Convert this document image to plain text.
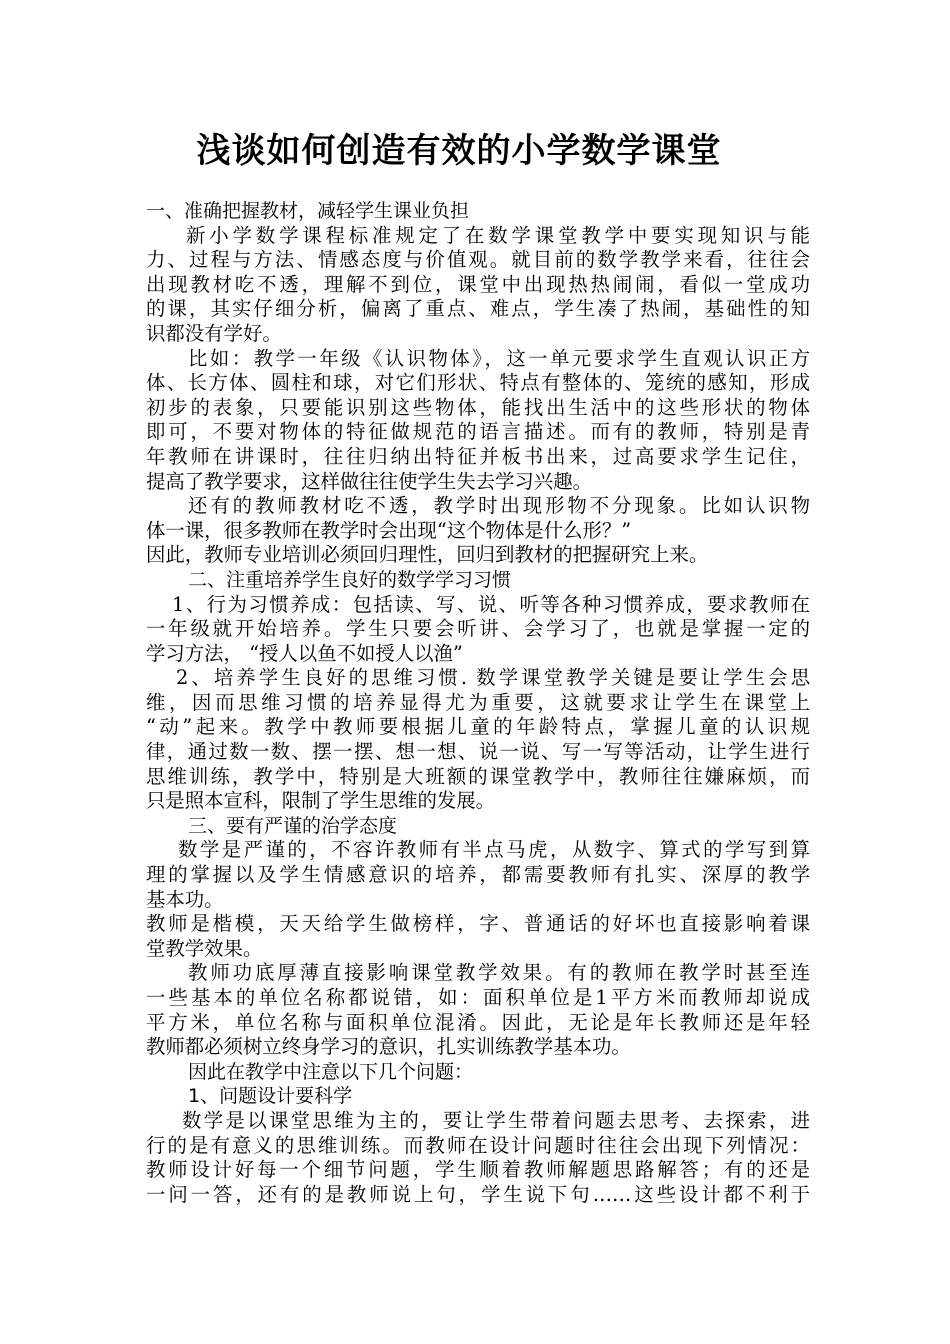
浅谈如何创造有效的小学数学课堂
一、准确把握教材，减轻学生课业负担
新小学数学课程标准规定了在数学课堂教学中要实现知识与能
力、过程与方法、情感态度与价值观。就目前的数学教学来看，往往会
出现教材吃不透，理解不到位，课堂中出现热热闹闹，看似一堂成功
的课，其实仔细分析，偏离了重点、难点，学生凑了热闹，基础性的知
识都没有学好。
比如：教学一年级《认识物体》，这一单元要求学生直观认识正方
体、长方体、圆柱和球，对它们形状、特点有整体的、笼统的感知，形成
初步的表象，只要能识别这些物体，能找出生活中的这些形状的物体
即可，不要对物体的特征做规范的语言描述。而有的教师，特别是青
年教师在讲课时，往往归纳出特征并板书出来，过高要求学生记住，
提高了教学要求，这样做往往使学生失去学习兴趣。
还有的教师教材吃不透，教学时出现形物不分现象。比如认识物
体一课，很多教师在教学时会出现“这个物体是什么形？”
因此，教师专业培训必须回归理性，回归到教材的把握研究上来。
二、注重培养学生良好的数学学习习惯
1、行为习惯养成：包括读、写、说、听等各种习惯养成，要求教师在
一年级就开始培养。学生只要会听讲、会学习了，也就是掌握一定的
学习方法， “授人以鱼不如授人以渔”
2、培养学生良好的思维习惯. 数学课堂教学关键是要让学生会思
维，因而思维习惯的培养显得尤为重要，这就要求让学生在课堂上
“动”起来。教学中教师要根据儿童的年龄特点，掌握儿童的认识规
律，通过数一数、摆一摆、想一想、说一说、写一写等活动，让学生进行
思维训练，教学中，特别是大班额的课堂教学中，教师往往嫌麻烦，而
只是照本宣科，限制了学生思维的发展。
三、要有严谨的治学态度
数学是严谨的，不容许教师有半点马虎，从数字、算式的学写到算
理的掌握以及学生情感意识的培养，都需要教师有扎实、深厚的教学
基本功。
教师是楷模，天天给学生做榜样，字、普通话的好坏也直接影响着课
堂教学效果。
教师功底厚薄直接影响课堂教学效果。有的教师在教学时甚至连
一些基本的单位名称都说错，如：面积单位是1平方米而教师却说成
平方米，单位名称与面积单位混淆。因此，无论是年长教师还是年轻
教师都必须树立终身学习的意识，扎实训练教学基本功。
因此在教学中注意以下几个问题：
1、问题设计要科学
数学是以课堂思维为主的，要让学生带着问题去思考、去探索，进
行的是有意义的思维训练。而教师在设计问题时往往会出现下列情况：
教师设计好每一个细节问题，学生顺着教师解题思路解答；有的还是
一问一答，还有的是教师说上句，学生说下句……这些设计都不利于
